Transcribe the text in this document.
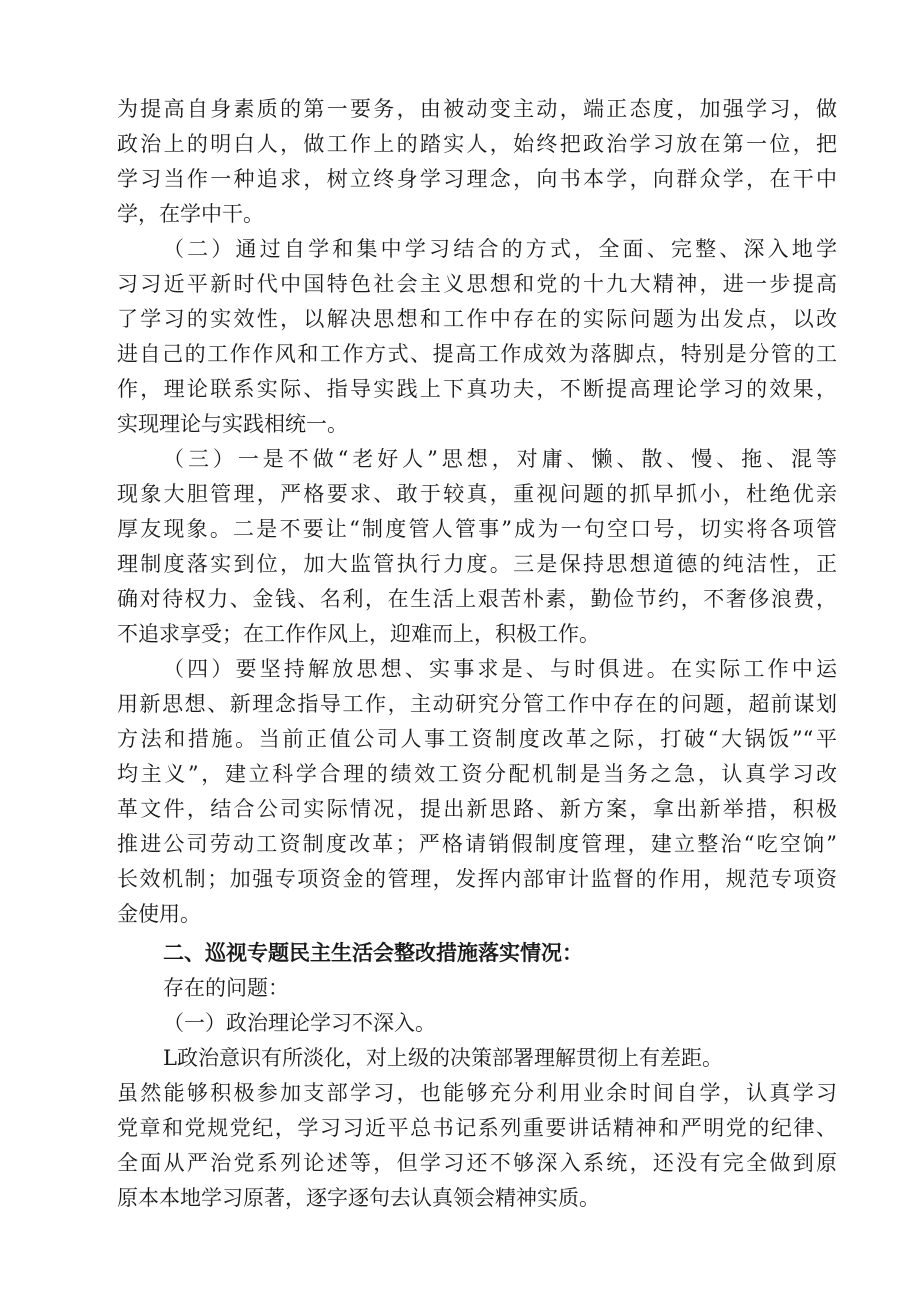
为提高自身素质的第一要务，由被动变主动，端正态度，加强学习，做
政治上的明白人，做工作上的踏实人，始终把政治学习放在第一位，把
学习当作一种追求，树立终身学习理念，向书本学，向群众学，在干中
学，在学中干。
（二）通过自学和集中学习结合的方式，全面、完整、深入地学
习习近平新时代中国特色社会主义思想和党的十九大精神，进一步提高
了学习的实效性，以解决思想和工作中存在的实际问题为出发点，以改
进自己的工作作风和工作方式、提高工作成效为落脚点，特别是分管的工
作，理论联系实际、指导实践上下真功夫，不断提高理论学习的效果，
实现理论与实践相统一。
（三）一是不做“老好人”思想，对庸、懒、散、慢、拖、混等
现象大胆管理，严格要求、敢于较真，重视问题的抓早抓小，杜绝优亲
厚友现象。二是不要让“制度管人管事”成为一句空口号，切实将各项管
理制度落实到位，加大监管执行力度。三是保持思想道德的纯洁性，正
确对待权力、金钱、名利，在生活上艰苦朴素，勤俭节约，不奢侈浪费，
不追求享受；在工作作风上，迎难而上，积极工作。
（四）要坚持解放思想、实事求是、与时俱进。在实际工作中运
用新思想、新理念指导工作，主动研究分管工作中存在的问题，超前谋划
方法和措施。当前正值公司人事工资制度改革之际，打破“大锅饭”“平
均主义”，建立科学合理的绩效工资分配机制是当务之急，认真学习改
革文件，结合公司实际情况，提出新思路、新方案，拿出新举措，积极
推进公司劳动工资制度改革；严格请销假制度管理，建立整治“吃空饷”
长效机制；加强专项资金的管理，发挥内部审计监督的作用，规范专项资
金使用。
二、巡视专题民主生活会整改措施落实情况：
存在的问题：
（一）政治理论学习不深入。
L政治意识有所淡化，对上级的决策部署理解贯彻上有差距。
虽然能够积极参加支部学习，也能够充分利用业余时间自学，认真学习
党章和党规党纪，学习习近平总书记系列重要讲话精神和严明党的纪律、
全面从严治党系列论述等，但学习还不够深入系统，还没有完全做到原
原本本地学习原著，逐字逐句去认真领会精神实质。
